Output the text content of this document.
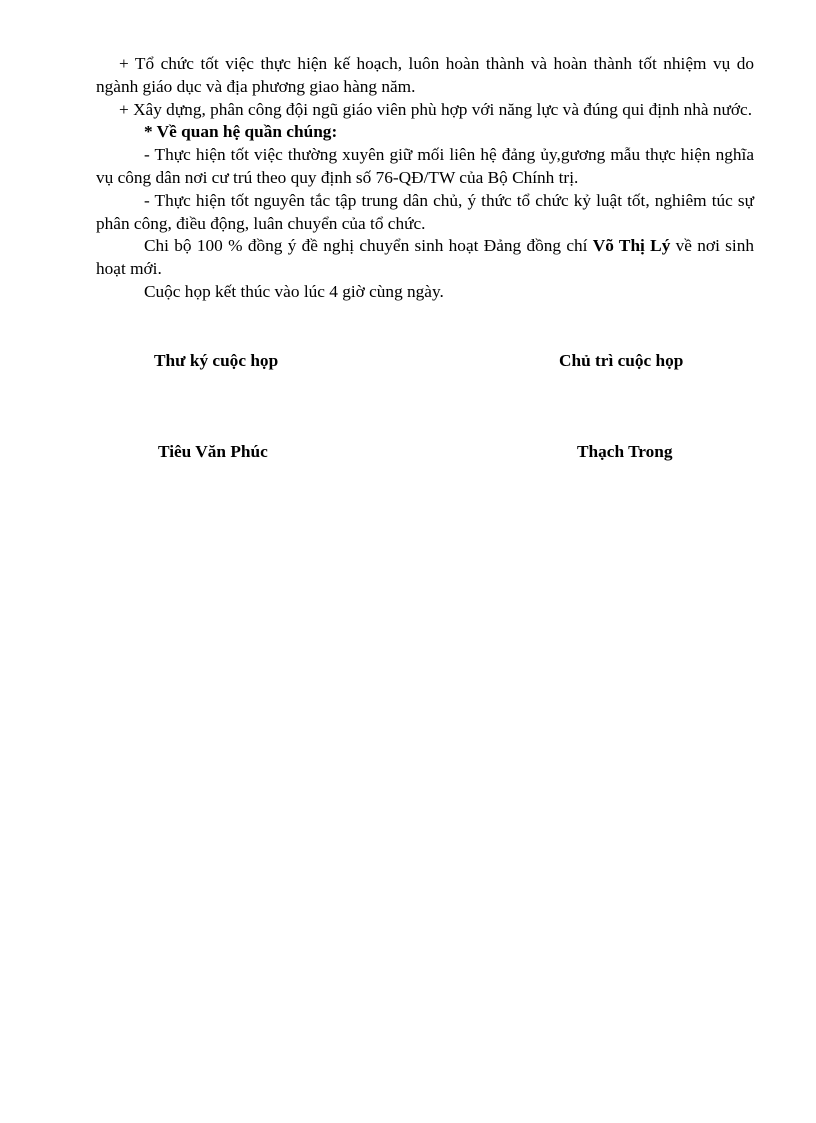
+ Tổ chức tốt việc thực hiện kế hoạch, luôn hoàn thành và hoàn thành tốt nhiệm vụ do ngành giáo dục và địa phương giao hàng năm.

+ Xây dựng, phân công đội ngũ giáo viên phù hợp với năng lực và đúng qui định nhà nước.

* Về quan hệ quần chúng:

- Thực hiện tốt việc thường xuyên giữ mối liên hệ đảng ủy,gương mẫu thực hiện nghĩa vụ công dân nơi cư trú theo quy định số 76-QĐ/TW của Bộ Chính trị.

- Thực hiện tốt nguyên tắc tập trung dân chủ, ý thức tổ chức kỷ luật tốt, nghiêm túc sự phân công, điều động, luân chuyển của tổ chức.

Chi bộ 100 % đồng ý đề nghị chuyển sinh hoạt Đảng đồng chí Võ Thị Lý về nơi sinh hoạt mới.

Cuộc họp kết thúc vào lúc 4 giờ cùng ngày.

Thư ký cuộc họp	Chủ trì cuộc họp
Tiêu Văn Phúc	Thạch Trong
